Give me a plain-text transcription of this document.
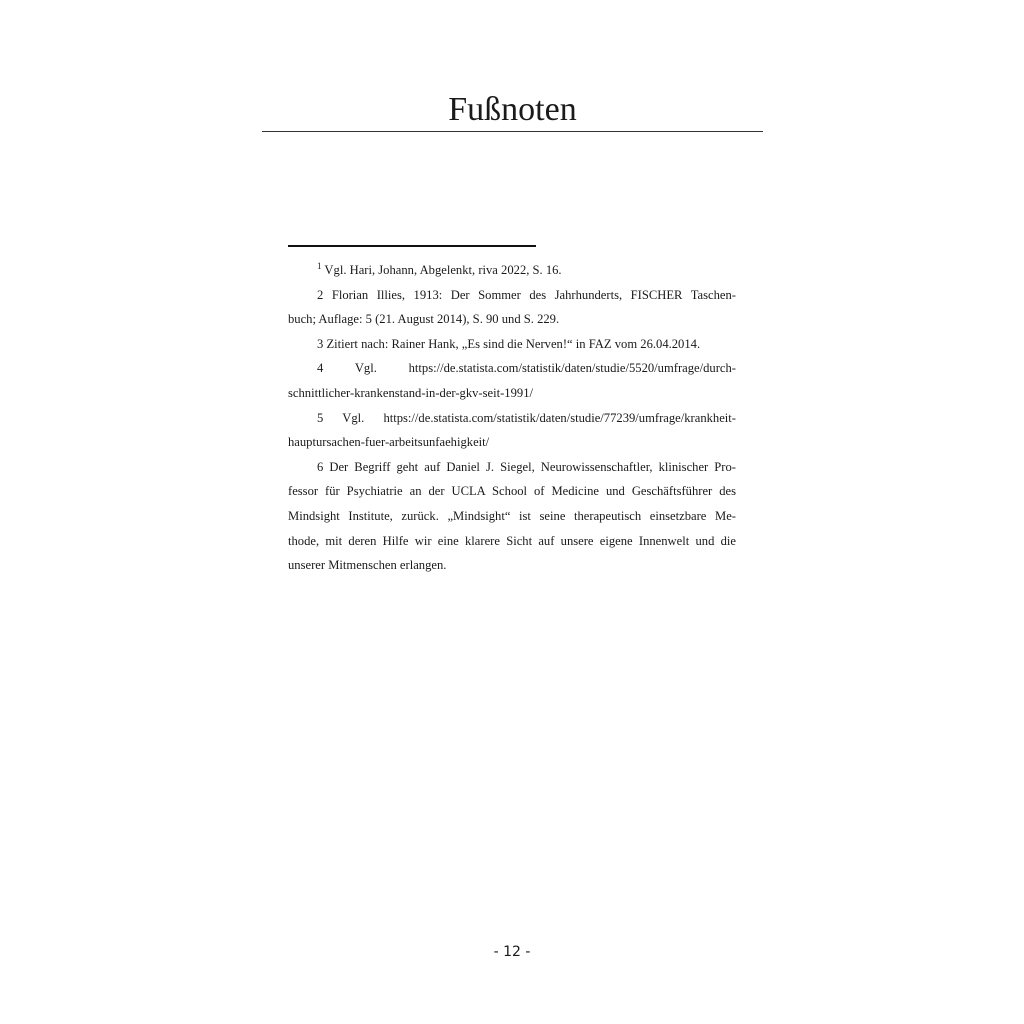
Fußnoten

$^1$ Vgl. Hari, Johann, Abgelenkt, riva 2022, S. 16.

2 Florian Illies, 1913: Der Sommer des Jahrhunderts, FISCHER Taschen-
buch; Auflage: 5 (21. August 2014), S. 90 und S. 229.

3 Zitiert nach: Rainer Hank, „Es sind die Nerven!“ in FAZ vom 26.04.2014.

4	Vgl. https://de.statista.com/statistik/daten/studie/5520/umfrage/durch-
schnittlicher-krankenstand-in-der-gkv-seit-1991/

5 Vgl. https://de.statista.com/statistik/daten/studie/77239/umfrage/krankheit-
hauptursachen-fuer-arbeitsunfaehigkeit/

6 Der Begriff geht auf Daniel J. Siegel, Neurowissenschaftler, klinischer Pro-
fessor für Psychiatrie an der UCLA School of Medicine und Geschäftsführer des
Mindsight Institute, zurück. „Mindsight“ ist seine therapeutisch einsetzbare Me-
thode, mit deren Hilfe wir eine klarere Sicht auf unsere eigene Innenwelt und die
unserer Mitmenschen erlangen.

- 12 -
